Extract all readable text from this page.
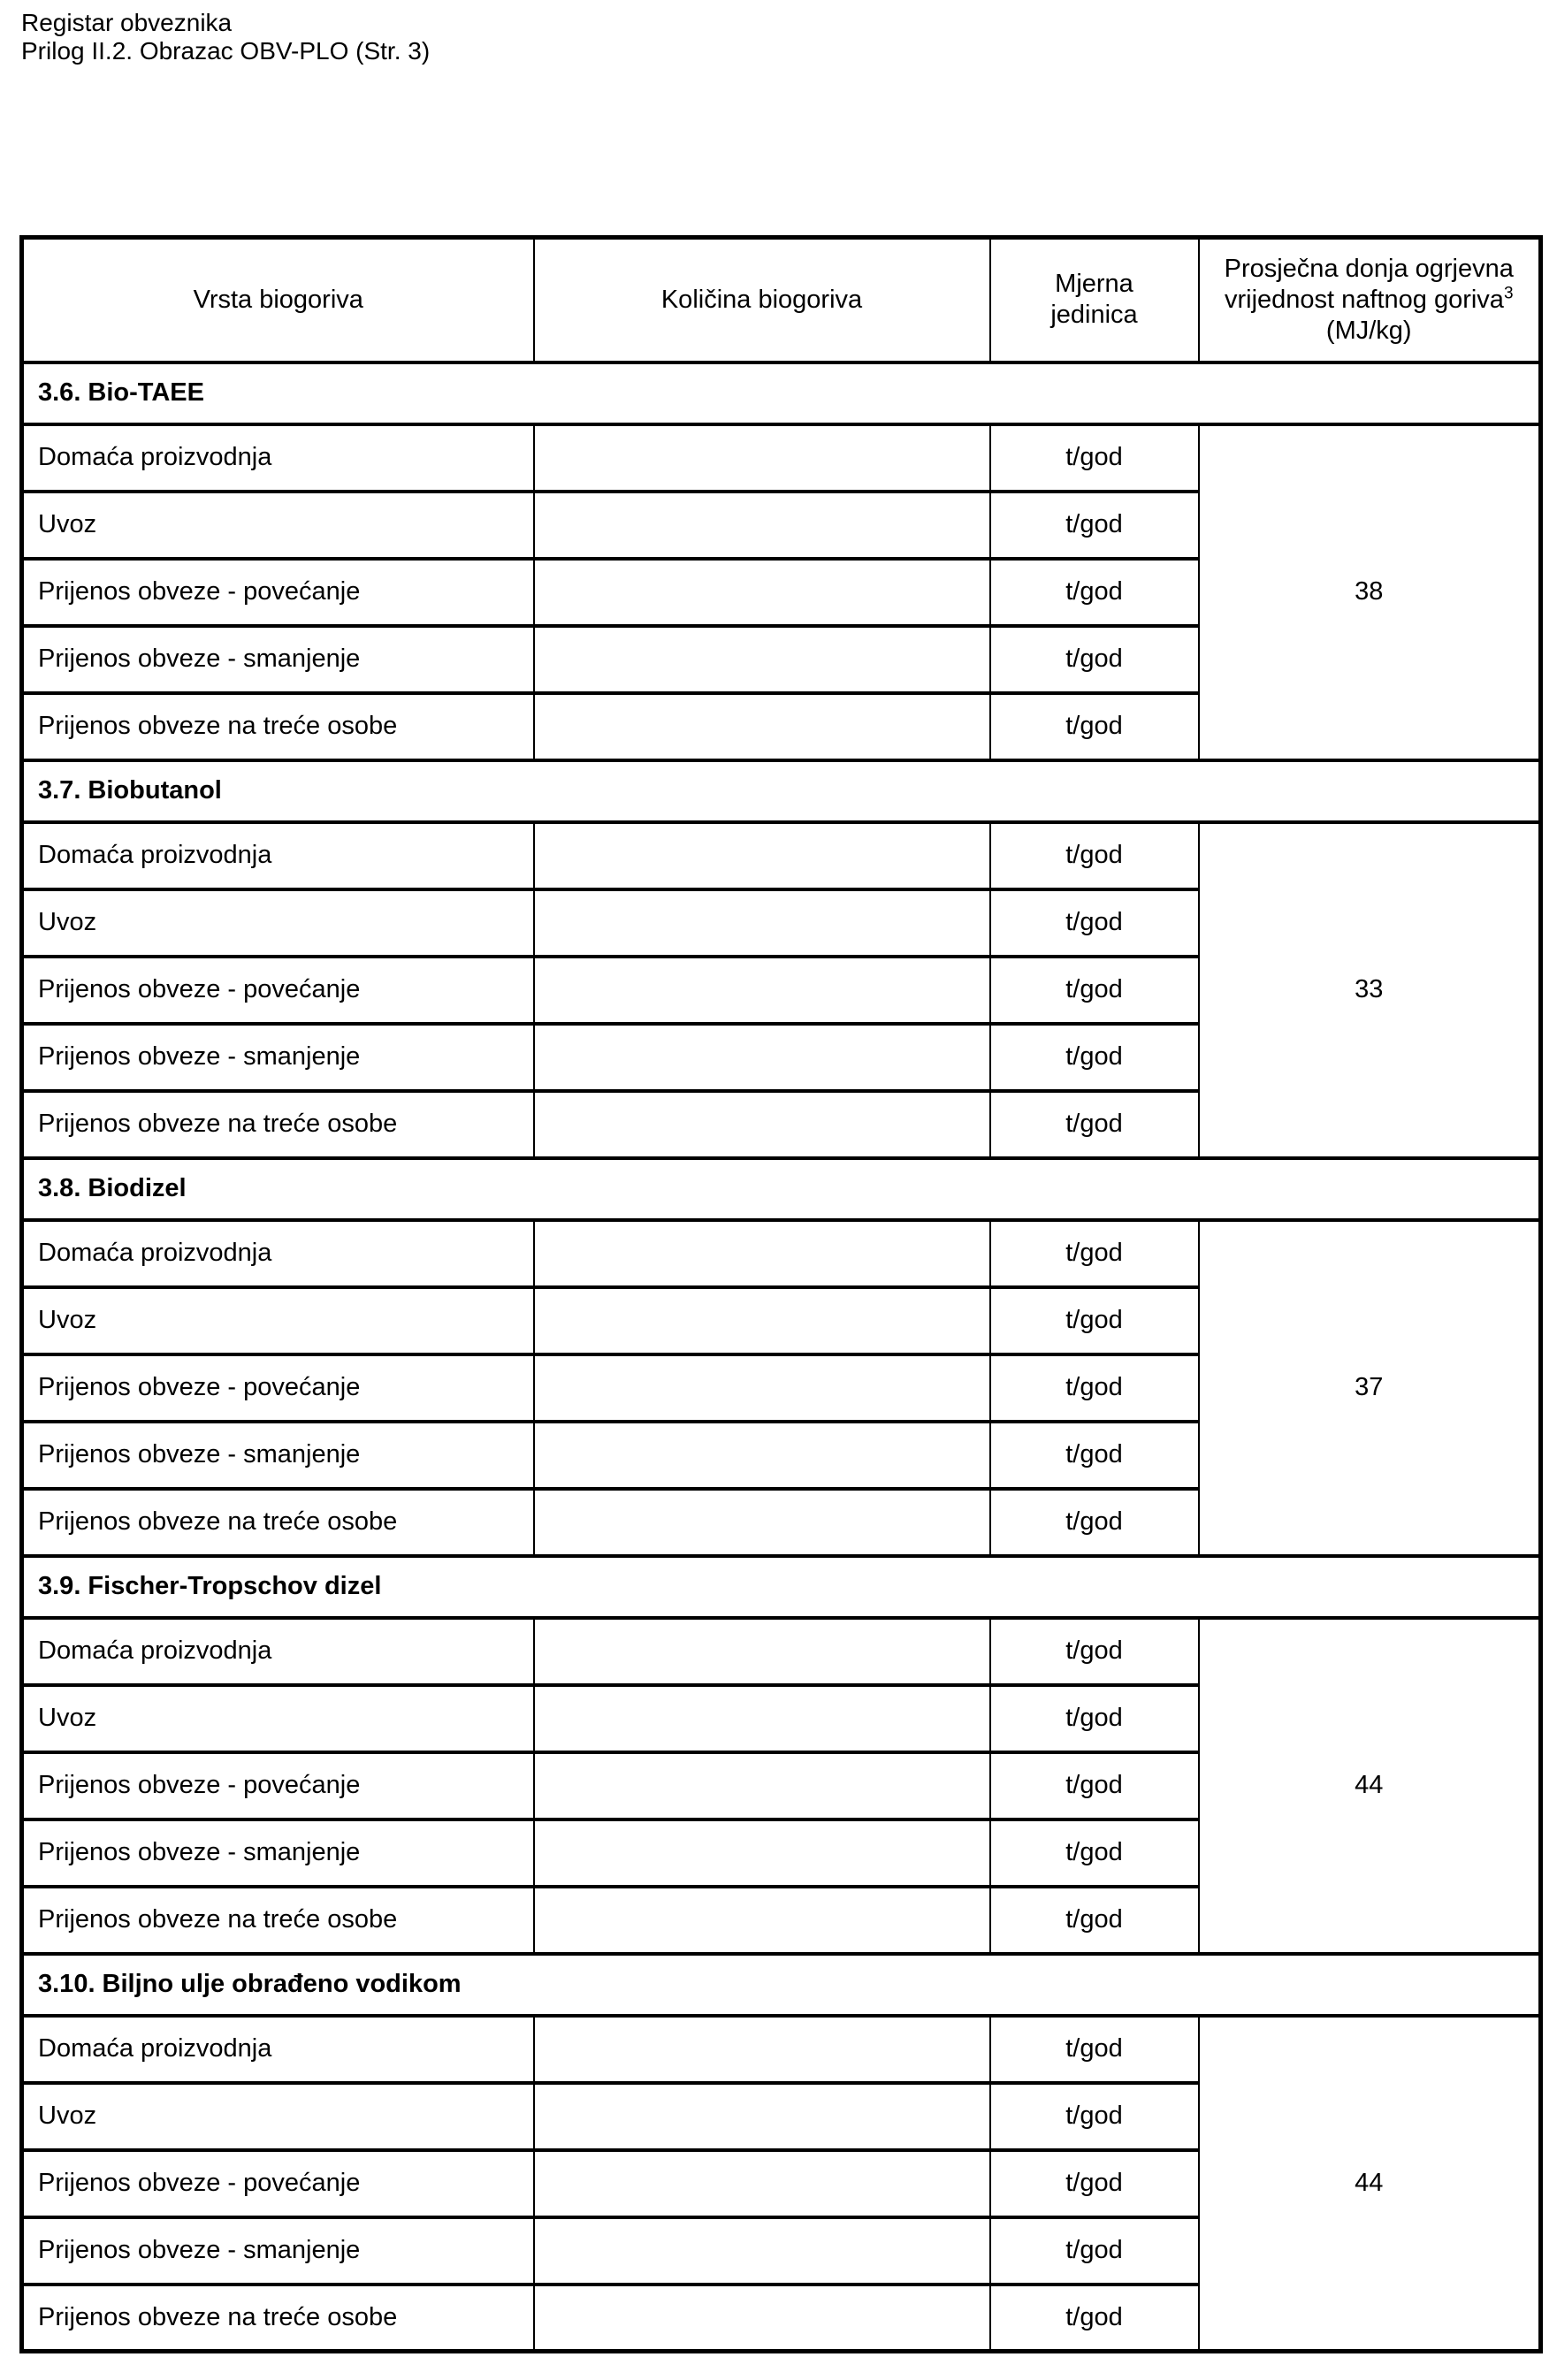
Registar obveznika
Prilog II.2. Obrazac OBV-PLO (Str. 3)
Vrsta biogoriva	Količina biogoriva	Mjerna jedinica	Prosječna donja ogrjevna vrijednost naftnog goriva$^3$
(MJ/kg)

3.6. Bio-TAEE			
Domaća proizvodnja		t/god	38
Uvoz		t/god	
Prijenos obveze - povećanje		t/god	
Prijenos obveze - smanjenje		t/god	
Prijenos obveze na treće osobe		t/god	
3.7. Biobutanol			
Domaća proizvodnja		t/god	33
Uvoz		t/god	
Prijenos obveze - povećanje		t/god	
Prijenos obveze - smanjenje		t/god	
Prijenos obveze na treće osobe		t/god	
3.8. Biodizel			
Domaća proizvodnja		t/god	37
Uvoz		t/god	
Prijenos obveze - povećanje		t/god	
Prijenos obveze - smanjenje		t/god	
Prijenos obveze na treće osobe		t/god	
3.9. Fischer-Tropschov dizel			
Domaća proizvodnja		t/god	44
Uvoz		t/god	
Prijenos obveze - povećanje		t/god	
Prijenos obveze - smanjenje		t/god	
Prijenos obveze na treće osobe		t/god	
3.10. Biljno ulje obrađeno vodikom			
Domaća proizvodnja		t/god	44
Uvoz		t/god	
Prijenos obveze - povećanje		t/god	
Prijenos obveze - smanjenje		t/god	
Prijenos obveze na treće osobe		t/god	
